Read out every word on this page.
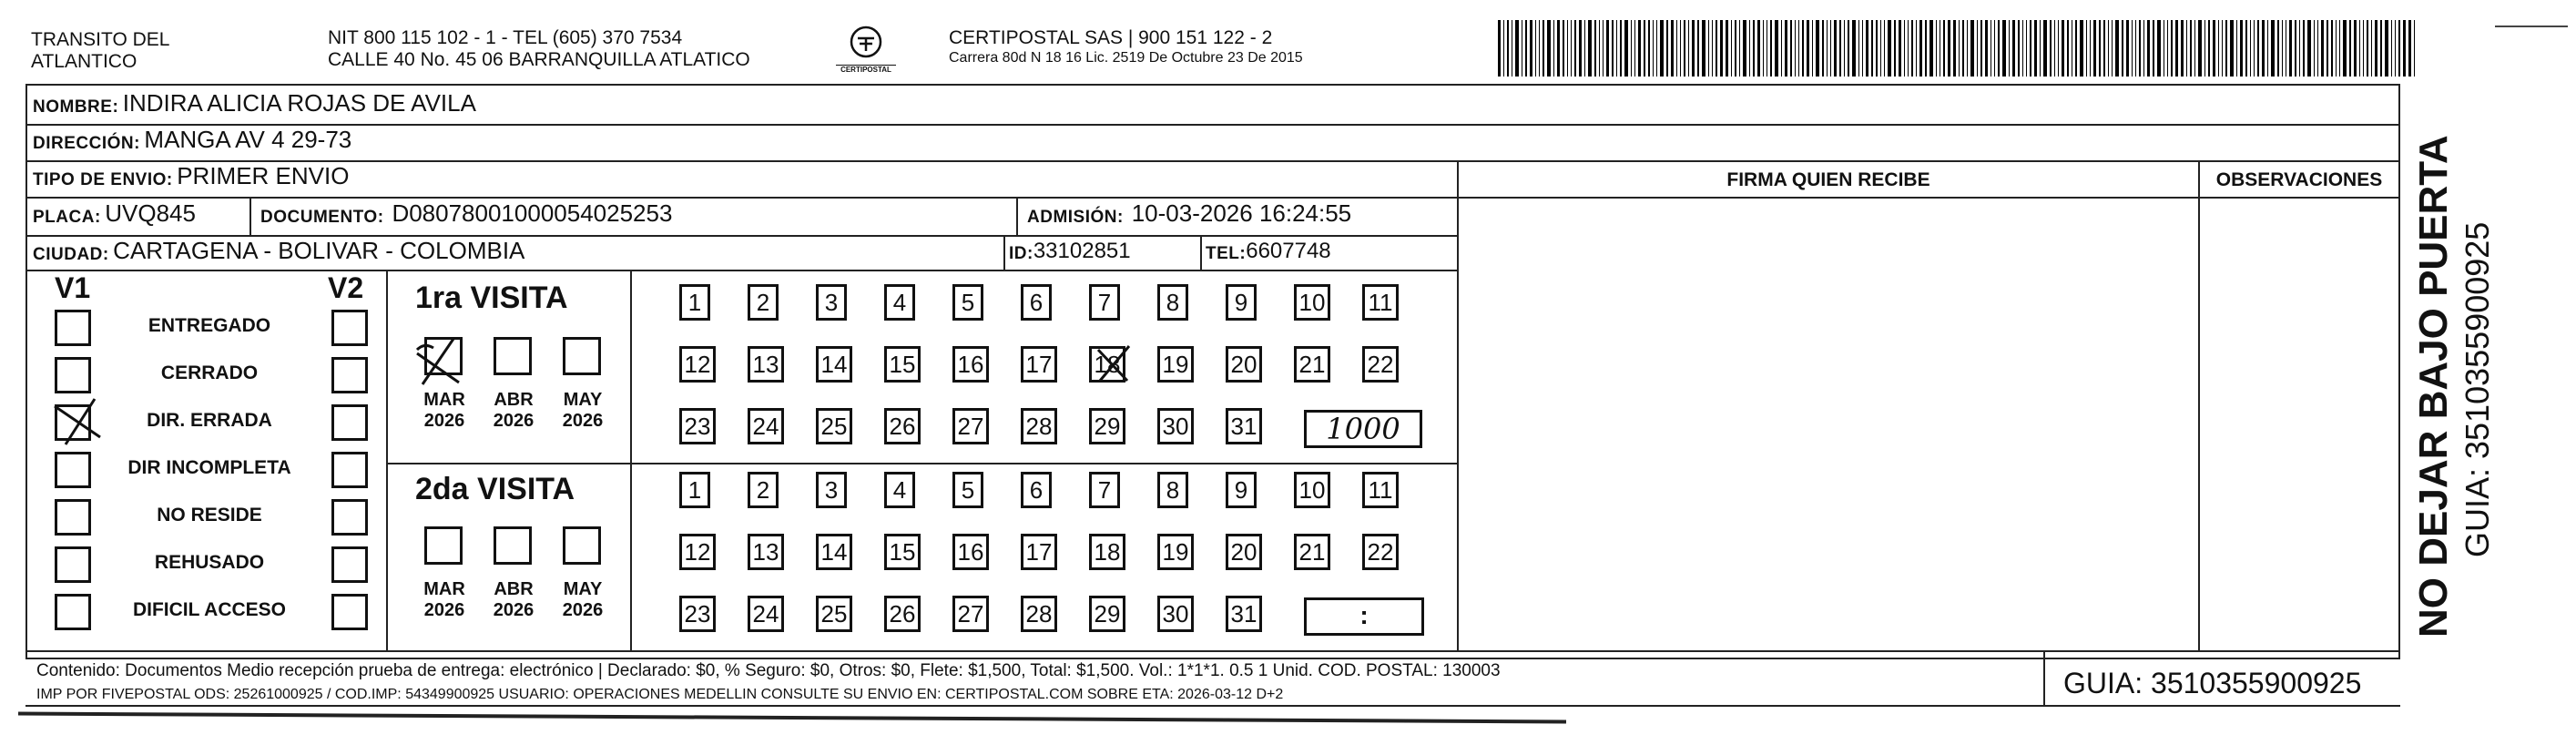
TRANSITO DEL
ATLANTICO
NIT 800 115 102 - 1 - TEL (605) 370 7534
CALLE 40 No. 45 06 BARRANQUILLA ATLATICO	CERTIPOSTAL
CERTIPOSTAL SAS | 900 151 122 - 2
Carrera 80d N 18 16 Lic. 2519 De Octubre 23 De 2015
NOMBRE:
INDIRA ALICIA ROJAS DE AVILA
DIRECCIÓN:
MANGA AV 4 29-73
TIPO DE ENVIO:
PRIMER ENVIO
PLACA:
UVQ845	DOCUMENTO:
D08078001000054025253	ADMISIÓN:
10-03-2026 16:24:55
CIUDAD:
CARTAGENA - BOLIVAR - COLOMBIA	ID: 33102851	TEL: 6607748
FIRMA QUIEN RECIBE	OBSERVACIONES
V1	V2
ENTREGADO
CERRADO
DIR. ERRADA
DIR INCOMPLETA
NO RESIDE
REHUSADO
DIFICIL ACCESO
1ra VISITA
2da VISITA
MAR
2026
ABR
2026
MAY
2026
MAR
2026
ABR
2026
MAY
2026
1	2	3	4	5	6	7	8	9	10 11
12 13 14 15 16 17 18 19 20 21 22
23 24 25 26 27 28 29 30 31
1	2	3	4	5	6	7	8	9	10 11
12 13 14 15 16 17 18 19 20 21 22
23 24 25 26 27 28 29 30 31
1000
:
Contenido: Documentos Medio recepción prueba de entrega: electrónico | Declarado: $0, % Seguro: $0, Otros: $0, Flete: $1,500, Total: $1,500. Vol.: 1*1*1. 0.5 1 Unid. COD. POSTAL: 130003
IMP POR FIVEPOSTAL ODS: 25261000925 / COD.IMP: 54349900925 USUARIO: OPERACIONES MEDELLIN CONSULTE SU ENVIO EN: CERTIPOSTAL.COM SOBRE ETA: 2026-03-12 D+2	GUIA: 3510355900925
NO DEJAR BAJO PUERTA GUIA: 3510355900925
